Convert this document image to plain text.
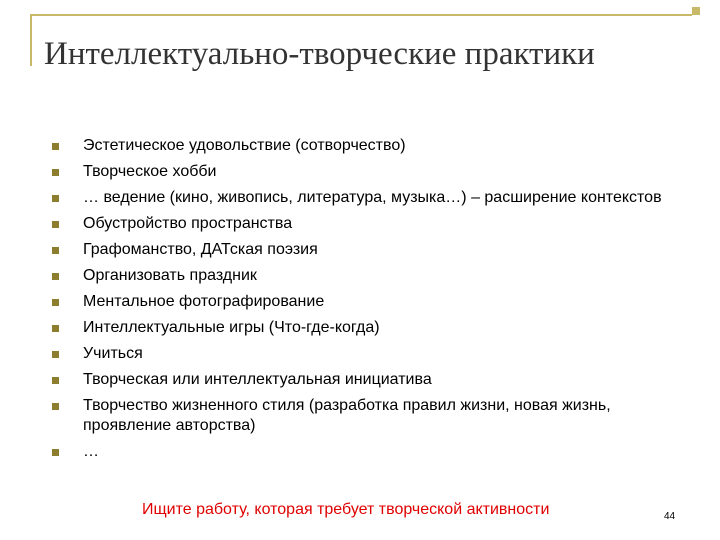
Интеллектуально-творческие практики
Эстетическое удовольствие (сотворчество)
Творческое хобби
… ведение (кино, живопись, литература, музыка…) – расширение контекстов
Обустройство пространства
Графоманство, ДАТская поэзия
Организовать праздник
Ментальное фотографирование
Интеллектуальные игры (Что-где-когда)
Учиться
Творческая или интеллектуальная инициатива
Творчество жизненного стиля (разработка правил жизни, новая жизнь, проявление авторства)
…
Ищите работу, которая требует творческой активности	44
